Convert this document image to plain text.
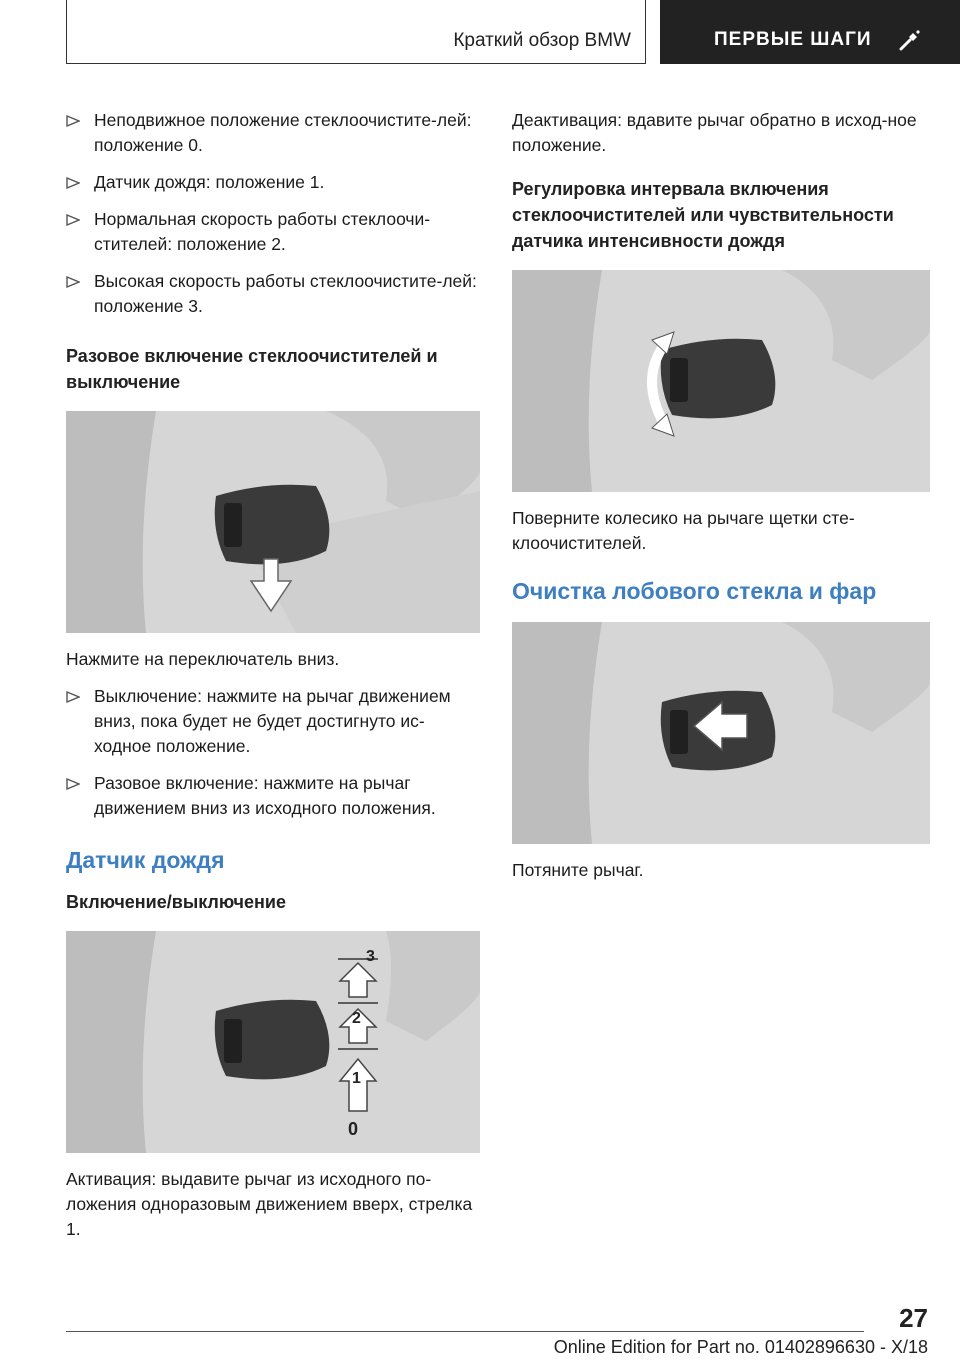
Краткий обзор BMW	ПЕРВЫЕ ШАГИ
Неподвижное положение стеклоочистите-лей: положение 0.
Датчик дождя: положение 1.
Нормальная скорость работы стеклоочи-стителей: положение 2.
Высокая скорость работы стеклоочистите-лей: положение 3.
Разовое включение стеклоочистителей и выключение

Нажмите на переключатель вниз.

Выключение: нажмите на рычаг движением вниз, пока будет не будет достигнуто ис-ходное положение.
Разовое включение: нажмите на рычаг движением вниз из исходного положения.
Датчик дождя
Включение/выключение
3
2
1
0

Активация: выдавите рычаг из исходного по-ложения одноразовым движением вверх, стрелка 1.

Деактивация: вдавите рычаг обратно в исход-ное положение.

Регулировка интервала включения стеклоочистителей или чувствительности датчика интенсивности дождя

Поверните колесико на рычаге щетки сте-клоочистителей.

Очистка лобового стекла и фар

Потяните рычаг.

27
Online Edition for Part no. 01402896630 - X/18
